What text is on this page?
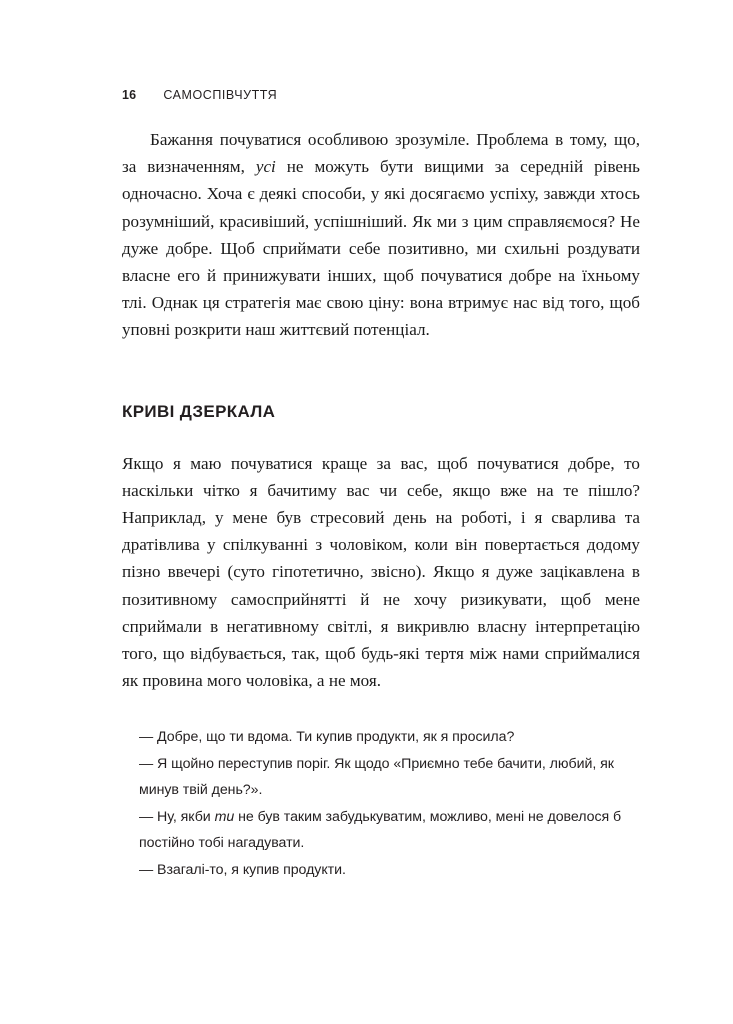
16 САМОСПІВЧУТТЯ

Бажання почуватися особливою зрозуміле. Проблема в тому, що, за визначенням, усі не можуть бути вищими за середній рівень одночасно. Хоча є деякі способи, у які досягаємо успіху, завжди хтось розумніший, красивіший, успішніший. Як ми з цим справляємося? Не дуже добре. Щоб сприймати себе позитивно, ми схильні роздувати власне его й принижувати інших, щоб почуватися добре на їхньому тлі. Однак ця стратегія має свою ціну: вона втримує нас від того, щоб уповні розкрити наш життєвий потенціал.

КРИВІ ДЗЕРКАЛА

Якщо я маю почуватися краще за вас, щоб почуватися добре, то наскільки чітко я бачитиму вас чи себе, якщо вже на те пішло? Наприклад, у мене був стресовий день на роботі, і я сварлива та дратівлива у спілкуванні з чоловіком, коли він повертається додому пізно ввечері (суто гіпотетично, звісно). Якщо я дуже зацікавлена в позитивному самосприйнятті й не хочу ризикувати, щоб мене сприймали в негативному світлі, я викривлю власну інтерпретацію того, що відбувається, так, щоб будь-які тертя між нами сприймалися як провина мого чоловіка, а не моя.

— Добре, що ти вдома. Ти купив продукти, як я просила?

— Я щойно переступив поріг. Як щодо «Приємно тебе бачити, любий, як минув твій день?».

— Ну, якби ти не був таким забудькуватим, можливо, мені не довелося б постійно тобі нагадувати.

— Взагалі-то, я купив продукти.
